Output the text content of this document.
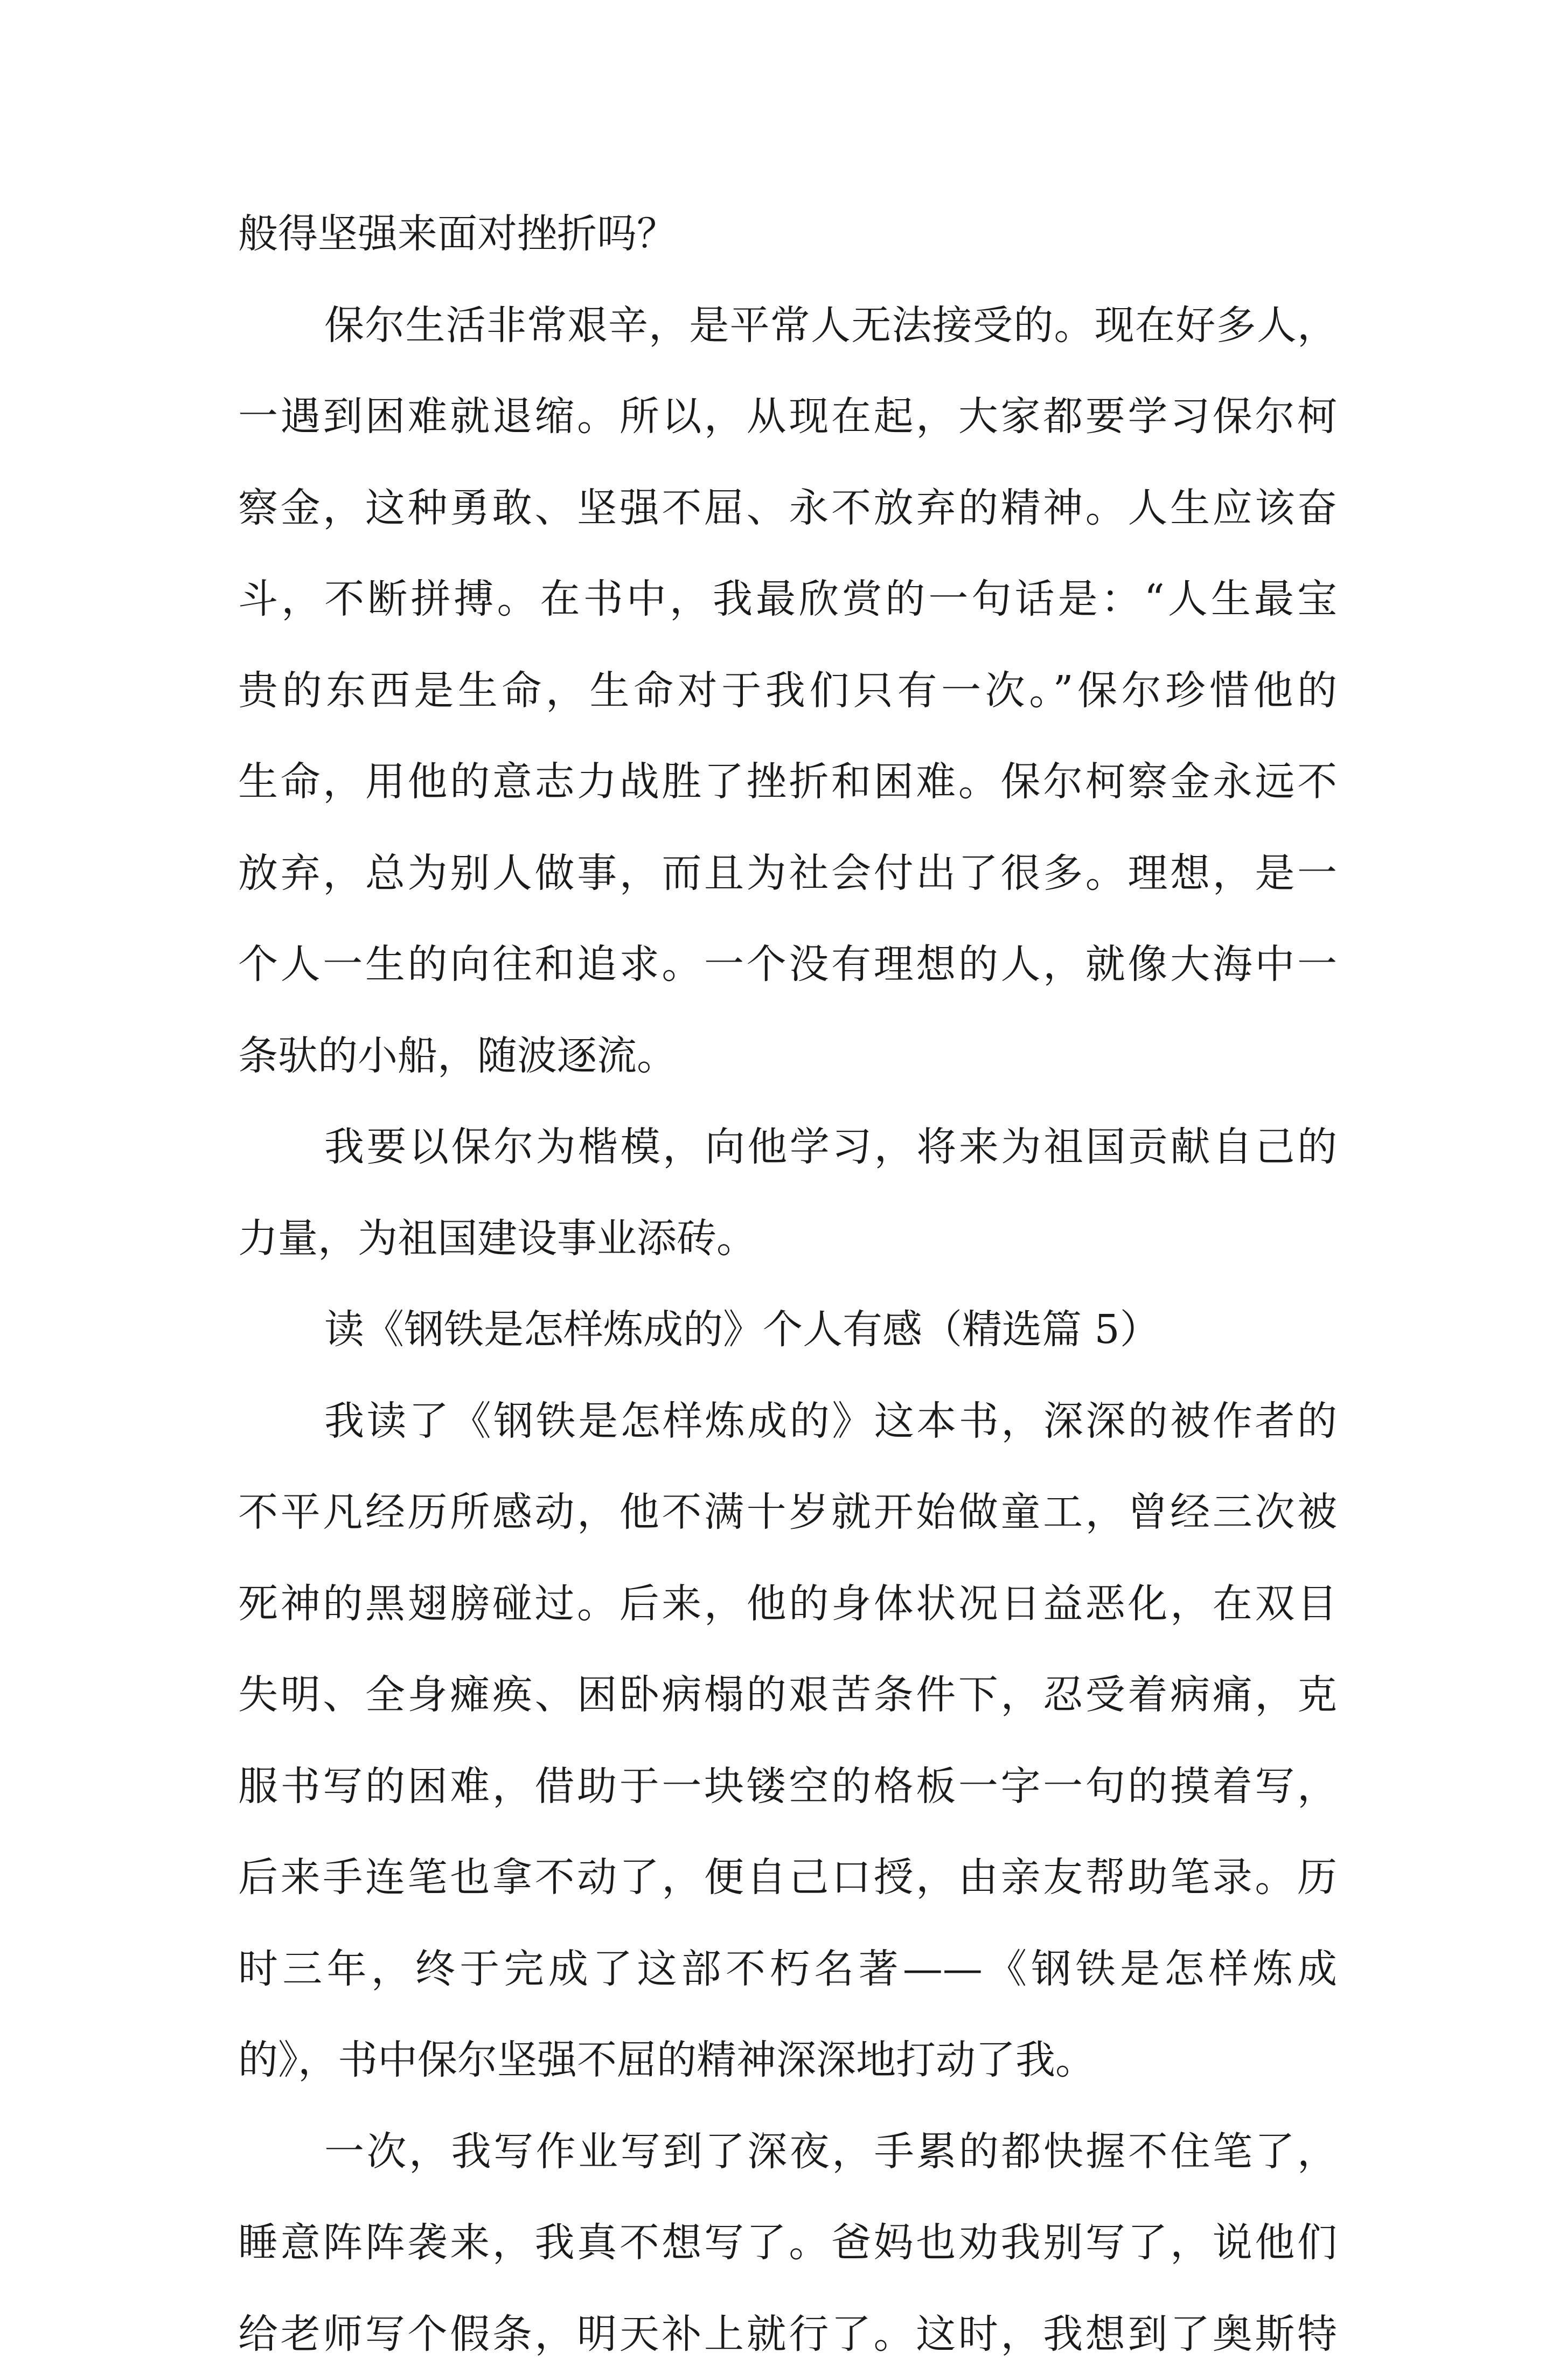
般得坚强来面对挫折吗？
保尔生活非常艰辛，是平常人无法接受的。现在好多人，
一遇到困难就退缩。所以，从现在起，大家都要学习保尔柯
察金，这种勇敢、坚强不屈、永不放弃的精神。人生应该奋
斗，不断拼搏。在书中，我最欣赏的一句话是：“人生最宝
贵的东西是生命，生命对于我们只有一次。”保尔珍惜他的
生命，用他的意志力战胜了挫折和困难。保尔柯察金永远不
放弃，总为别人做事，而且为社会付出了很多。理想，是一
个人一生的向往和追求。一个没有理想的人，就像大海中一
条驮的小船，随波逐流。
我要以保尔为楷模，向他学习，将来为祖国贡献自己的
力量，为祖国建设事业添砖。
读《钢铁是怎样炼成的》个人有感（精选篇 5）
我读了《钢铁是怎样炼成的》这本书，深深的被作者的
不平凡经历所感动，他不满十岁就开始做童工，曾经三次被
死神的黑翅膀碰过。后来，他的身体状况日益恶化，在双目
失明、全身瘫痪、困卧病榻的艰苦条件下，忍受着病痛，克
服书写的困难，借助于一块镂空的格板一字一句的摸着写，
后来手连笔也拿不动了，便自己口授，由亲友帮助笔录。历
时三年，终于完成了这部不朽名著——《钢铁是怎样炼成
的》，书中保尔坚强不屈的精神深深地打动了我。
一次，我写作业写到了深夜，手累的都快握不住笔了，
睡意阵阵袭来，我真不想写了。爸妈也劝我别写了，说他们
给老师写个假条，明天补上就行了。这时，我想到了奥斯特
